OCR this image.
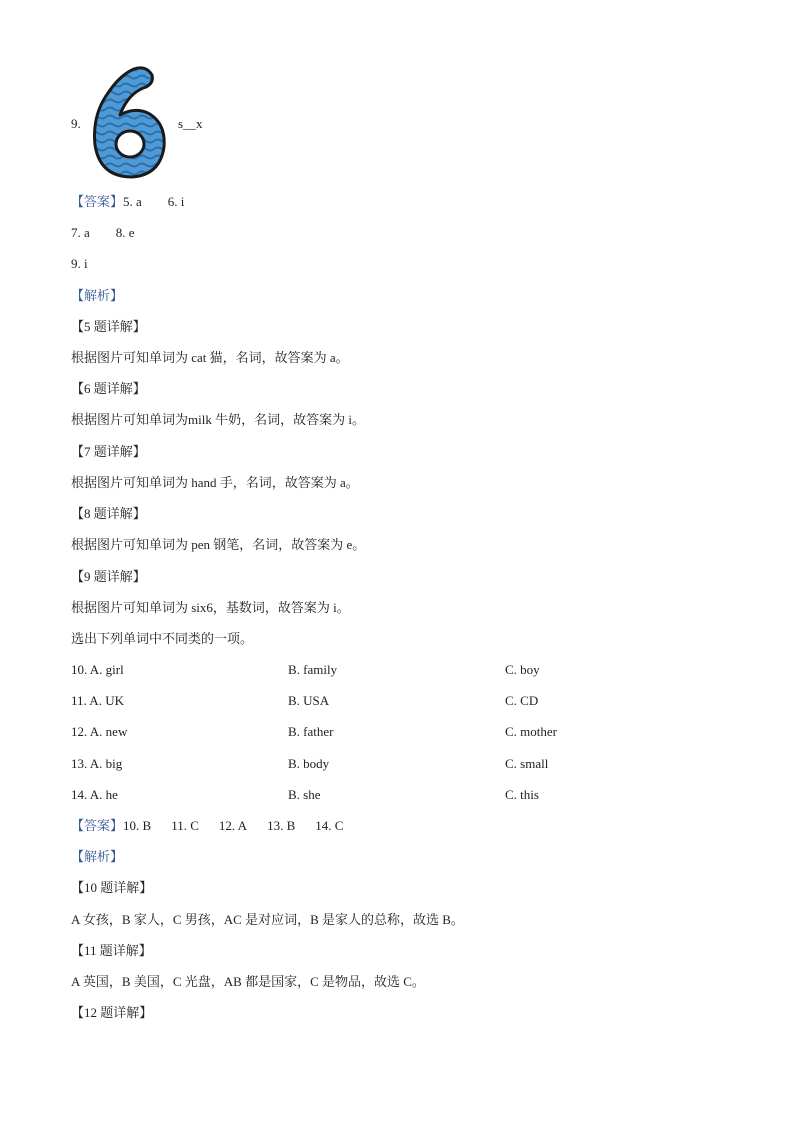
9.	s__x
【答案】5. a 6. i
7. a 8. e
9. i
【解析】
【5 题详解】
根据图片可知单词为 cat 猫，名词，故答案为 a。
【6 题详解】
根据图片可知单词为milk 牛奶，名词，故答案为 i。
【7 题详解】
根据图片可知单词为 hand 手，名词，故答案为 a。
【8 题详解】
根据图片可知单词为 pen 钢笔，名词，故答案为 e。
【9 题详解】
根据图片可知单词为 six6，基数词，故答案为 i。
选出下列单词中不同类的一项。
10. A. girl	B. family	C. boy
11. A. UK	B. USA	C. CD
12. A. new	B. father	C. mother
13. A. big	B. body	C. small
14. A. he	B. she	C. this
【答案】10. B 11. C 12. A 13. B 14. C
【解析】
【10 题详解】
A 女孩，B 家人，C 男孩，AC 是对应词，B 是家人的总称，故选 B。
【11 题详解】
A 英国，B 美国，C 光盘，AB 都是国家，C 是物品，故选 C。
【12 题详解】
